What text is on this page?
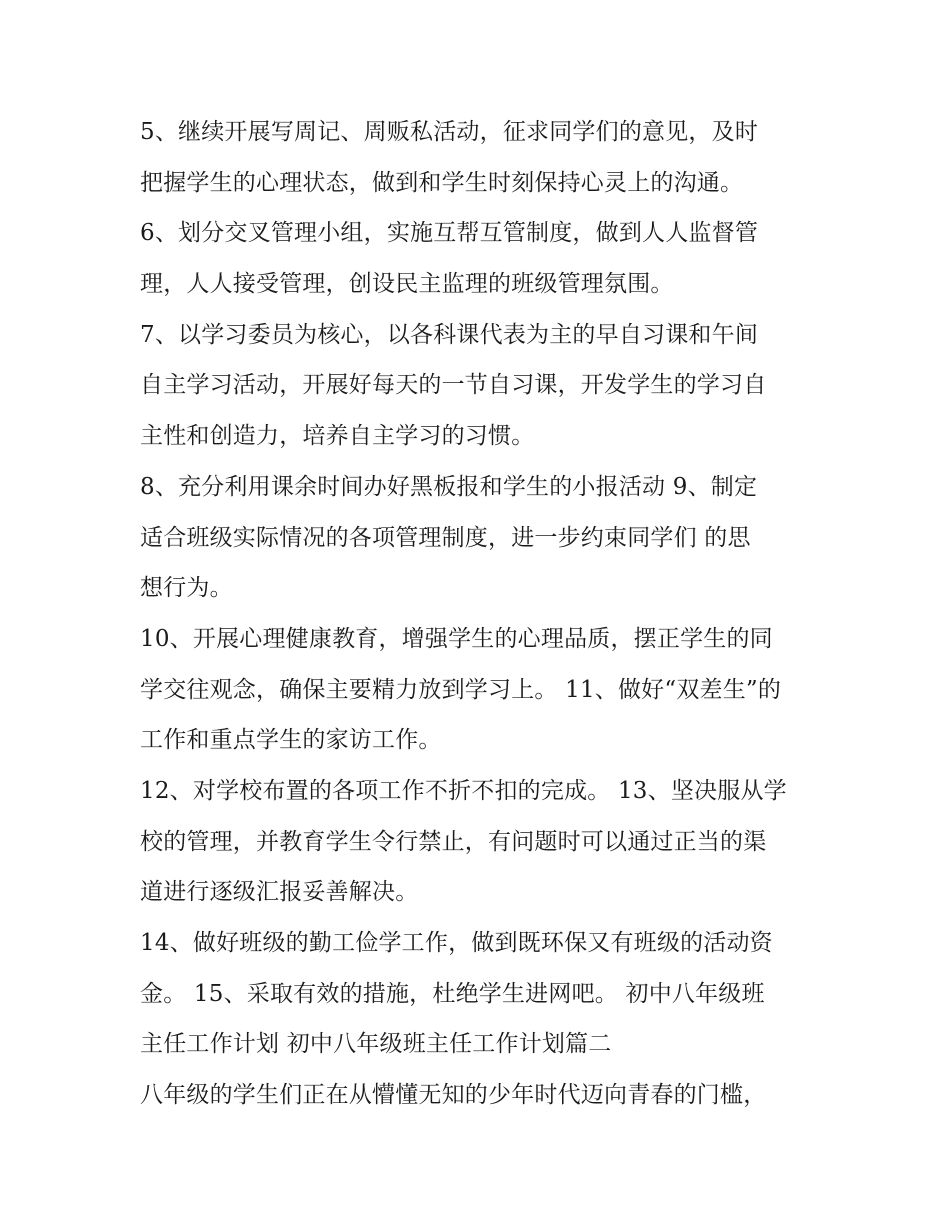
5、继续开展写周记、周贩私活动，征求同学们的意见，及时
把握学生的心理状态，做到和学生时刻保持心灵上的沟通。
6、划分交叉管理小组，实施互帮互管制度，做到人人监督管
理，人人接受管理，创设民主监理的班级管理氛围。
7、以学习委员为核心，以各科课代表为主的早自习课和午间
自主学习活动，开展好每天的一节自习课，开发学生的学习自
主性和创造力，培养自主学习的习惯。
8、充分利用课余时间办好黑板报和学生的小报活动 9、制定
适合班级实际情况的各项管理制度，进一步约束同学们 的思
想行为。
10、开展心理健康教育，增强学生的心理品质，摆正学生的同
学交往观念，确保主要精力放到学习上。 11、做好“双差生”的
工作和重点学生的家访工作。
12、对学校布置的各项工作不折不扣的完成。 13、坚决服从学
校的管理，并教育学生令行禁止，有问题时可以通过正当的渠
道进行逐级汇报妥善解决。
14、做好班级的勤工俭学工作，做到既环保又有班级的活动资
金。 15、采取有效的措施，杜绝学生进网吧。 初中八年级班
主任工作计划 初中八年级班主任工作计划篇二
八年级的学生们正在从懵懂无知的少年时代迈向青春的门槛，
